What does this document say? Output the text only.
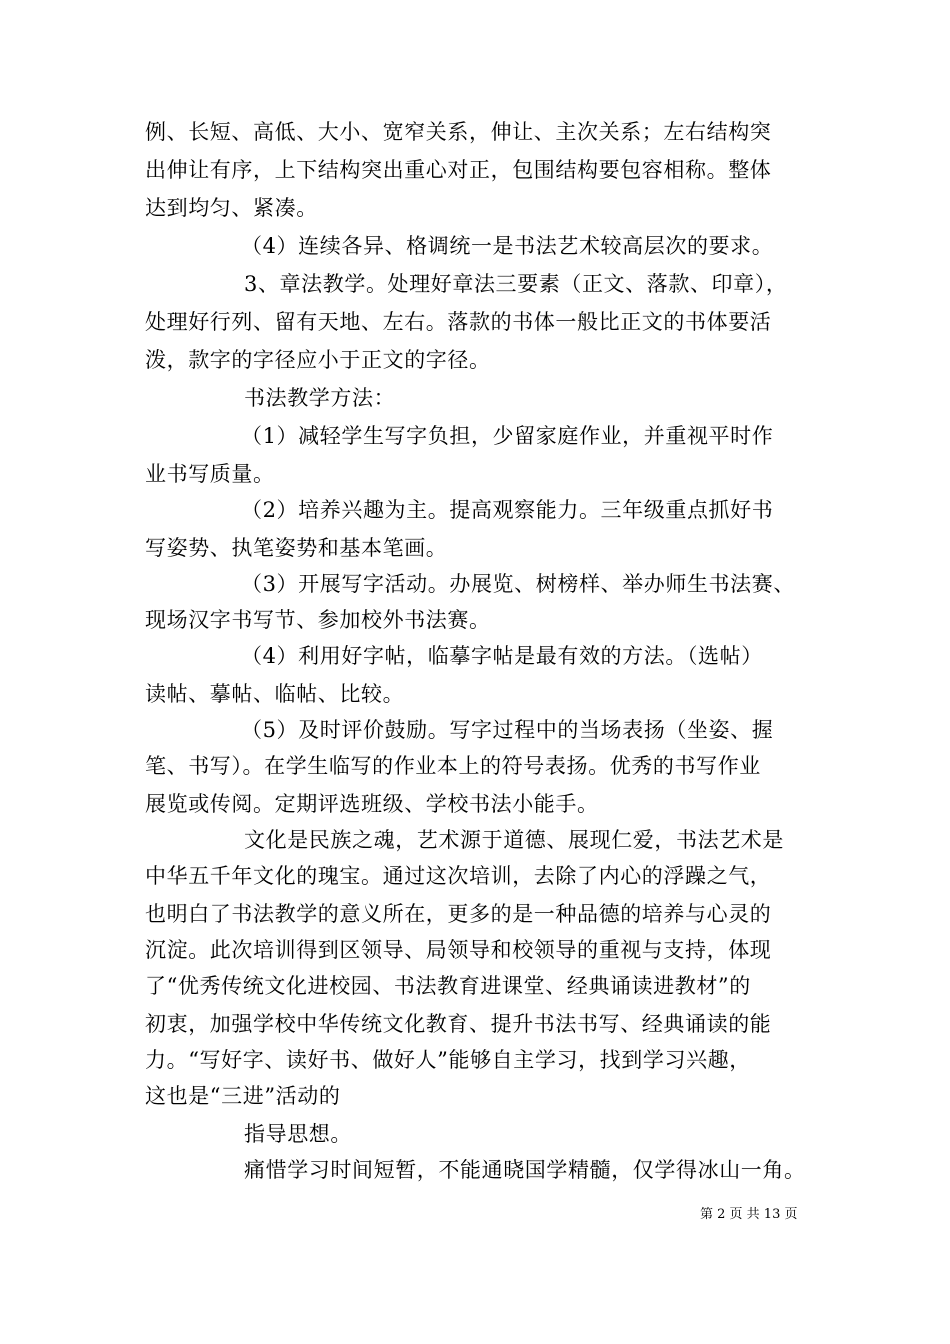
例、长短、高低、大小、宽窄关系，伸让、主次关系；左右结构突
出伸让有序，上下结构突出重心对正，包围结构要包容相称。整体
达到均匀、紧凑。
（4）连续各异、格调统一是书法艺术较高层次的要求。
3、章法教学。处理好章法三要素（正文、落款、印章），
处理好行列、留有天地、左右。落款的书体一般比正文的书体要活
泼，款字的字径应小于正文的字径。
书法教学方法：
（1）减轻学生写字负担，少留家庭作业，并重视平时作
业书写质量。
（2）培养兴趣为主。提高观察能力。三年级重点抓好书
写姿势、执笔姿势和基本笔画。
（3）开展写字活动。办展览、树榜样、举办师生书法赛、
现场汉字书写节、参加校外书法赛。
（4）利用好字帖，临摹字帖是最有效的方法。（选帖）
读帖、摹帖、临帖、比较。
（5）及时评价鼓励。写字过程中的当场表扬（坐姿、握
笔、书写）。在学生临写的作业本上的符号表扬。优秀的书写作业
展览或传阅。定期评选班级、学校书法小能手。
文化是民族之魂，艺术源于道德、展现仁爱，书法艺术是
中华五千年文化的瑰宝。通过这次培训，去除了内心的浮躁之气，
也明白了书法教学的意义所在，更多的是一种品德的培养与心灵的
沉淀。此次培训得到区领导、局领导和校领导的重视与支持，体现
了“优秀传统文化进校园、书法教育进课堂、经典诵读进教材”的
初衷，加强学校中华传统文化教育、提升书法书写、经典诵读的能
力。“写好字、读好书、做好人”能够自主学习，找到学习兴趣，
这也是“三进”活动的
指导思想。
痛惜学习时间短暂，不能通晓国学精髓，仅学得冰山一角。
第 2 页 共 13 页
